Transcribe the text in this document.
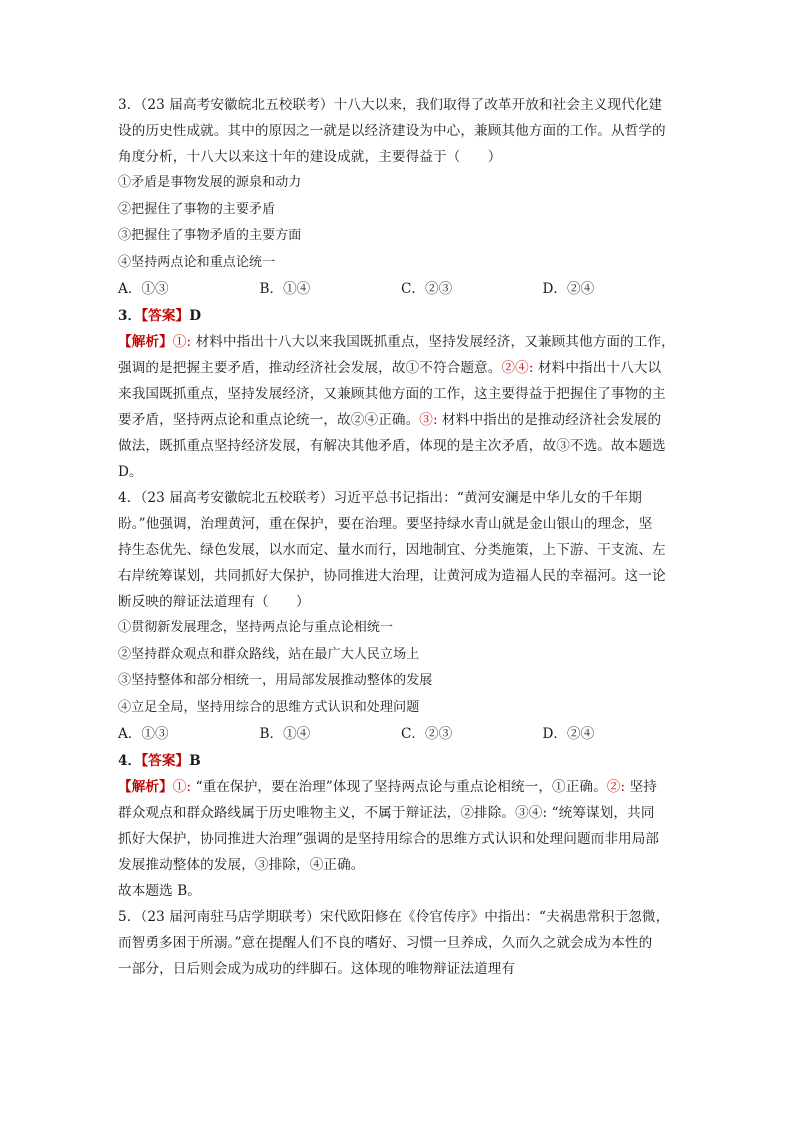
3．（23 届高考安徽皖北五校联考）十八大以来，我们取得了改革开放和社会主义现代化建
设的历史性成就。其中的原因之一就是以经济建设为中心，兼顾其他方面的工作。从哲学的
角度分析，十八大以来这十年的建设成就，主要得益于（　　）
①矛盾是事物发展的源泉和动力
②把握住了事物的主要矛盾
③把握住了事物矛盾的主要方面
④坚持两点论和重点论统一
A．①③	B．①④	C．②③	D．②④
3．【答案】D
【解析】①: 材料中指出十八大以来我国既抓重点，坚持发展经济，又兼顾其他方面的工作，
强调的是把握主要矛盾，推动经济社会发展，故①不符合题意。②④: 材料中指出十八大以
来我国既抓重点，坚持发展经济，又兼顾其他方面的工作，这主要得益于把握住了事物的主
要矛盾，坚持两点论和重点论统一，故②④正确。③: 材料中指出的是推动经济社会发展的
做法，既抓重点坚持经济发展，有解决其他矛盾，体现的是主次矛盾，故③不选。故本题选
D。
4．（23 届高考安徽皖北五校联考）习近平总书记指出：“黄河安澜是中华儿女的千年期
盼。”他强调，治理黄河，重在保护，要在治理。要坚持绿水青山就是金山银山的理念，坚
持生态优先、绿色发展，以水而定、量水而行，因地制宜、分类施策，上下游、干支流、左
右岸统筹谋划，共同抓好大保护，协同推进大治理，让黄河成为造福人民的幸福河。这一论
断反映的辩证法道理有（　　）
①贯彻新发展理念，坚持两点论与重点论相统一
②坚持群众观点和群众路线，站在最广大人民立场上
③坚持整体和部分相统一，用局部发展推动整体的发展
④立足全局，坚持用综合的思维方式认识和处理问题
A．①③	B．①④	C．②③	D．②④
4．【答案】B
【解析】①: “重在保护，要在治理”体现了坚持两点论与重点论相统一，①正确。②: 坚持
群众观点和群众路线属于历史唯物主义，不属于辩证法，②排除。③④: “统筹谋划，共同
抓好大保护，协同推进大治理”强调的是坚持用综合的思维方式认识和处理问题而非用局部
发展推动整体的发展，③排除，④正确。
故本题选 B。
5．（23 届河南驻马店学期联考）宋代欧阳修在《伶官传序》中指出：“夫祸患常积于忽微，
而智勇多困于所溺。”意在提醒人们不良的嗜好、习惯一旦养成，久而久之就会成为本性的
一部分，日后则会成为成功的绊脚石。这体现的唯物辩证法道理有
